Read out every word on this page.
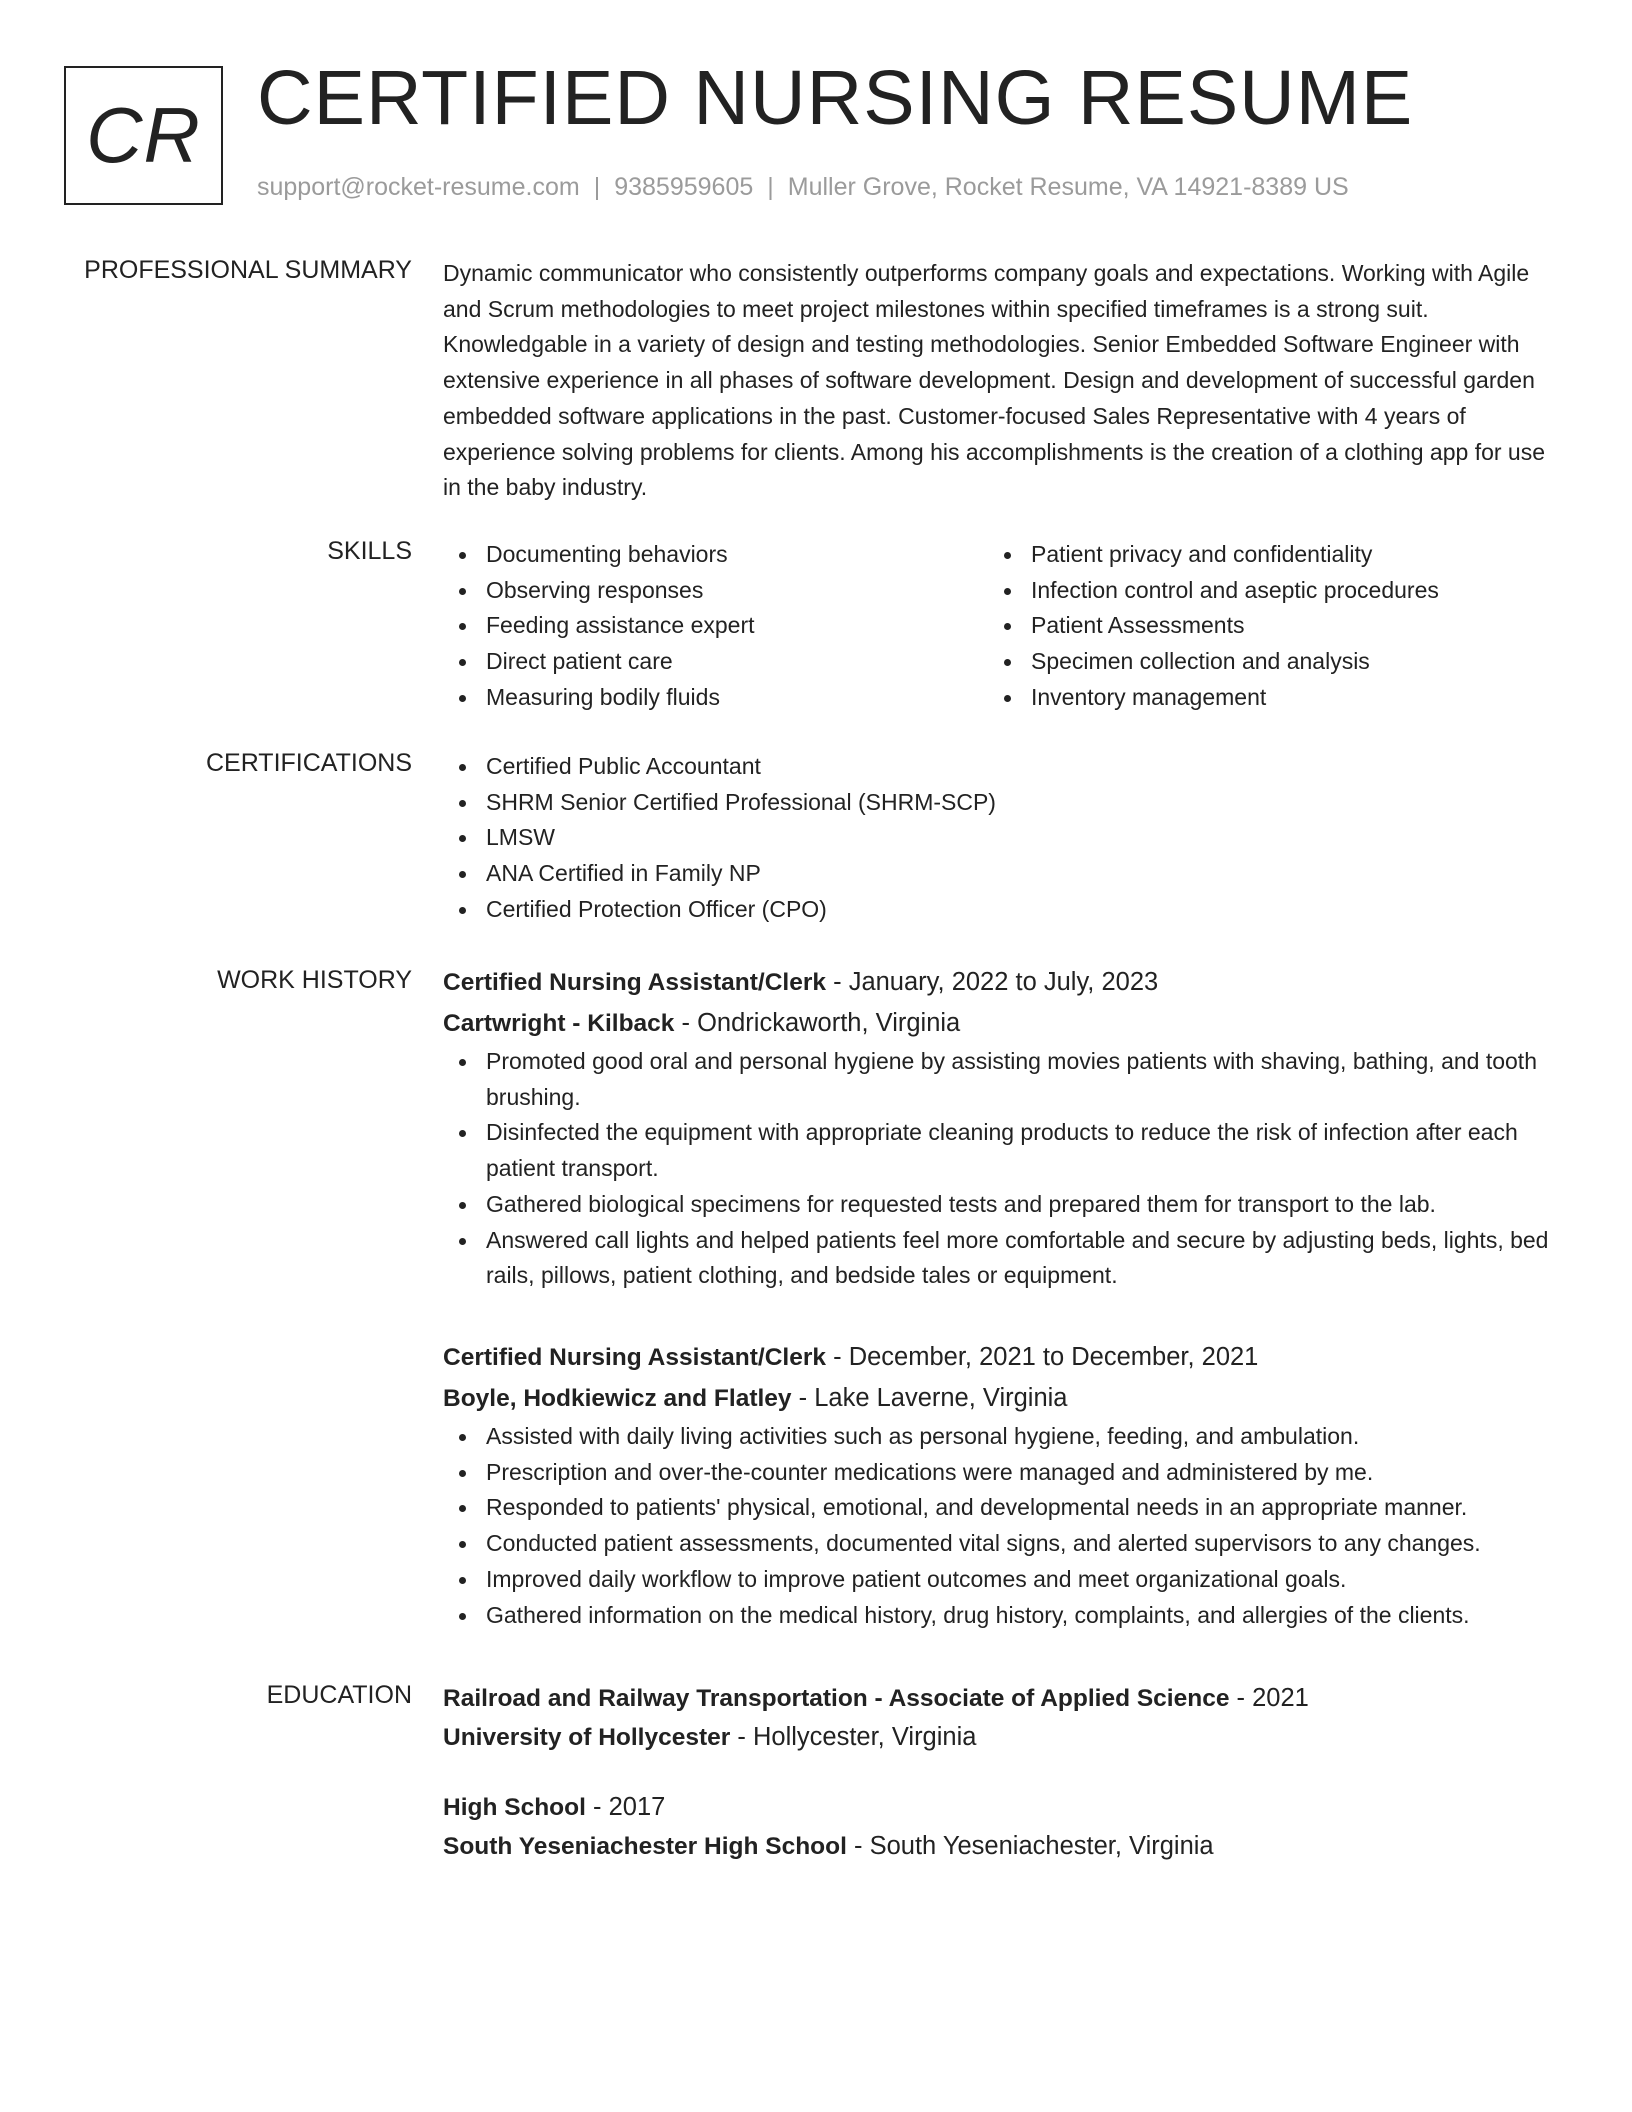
CR CERTIFIED NURSING RESUME
support@rocket-resume.com | 9385959605 | Muller Grove, Rocket Resume, VA 14921-8389 US
PROFESSIONAL SUMMARY Dynamic communicator who consistently outperforms company goals and expectations. Working with Agile and Scrum methodologies to meet project milestones within specified timeframes is a strong suit. Knowledgable in a variety of design and testing methodologies. Senior Embedded Software Engineer with extensive experience in all phases of software development. Design and development of successful garden embedded software applications in the past. Customer-focused Sales Representative with 4 years of experience solving problems for clients. Among his accomplishments is the creation of a clothing app for use in the baby industry.

SKILLS	Documenting behaviors
Observing responses
Feeding assistance expert
Direct patient care
Measuring bodily fluids
Patient privacy and confidentiality
Infection control and aseptic procedures
Patient Assessments
Specimen collection and analysis
Inventory management
CERTIFICATIONS	Certified Public Accountant
SHRM Senior Certified Professional (SHRM-SCP)
LMSW
ANA Certified in Family NP
Certified Protection Officer (CPO)
WORK HISTORY Certified Nursing Assistant/Clerk - January, 2022 to July, 2023
Cartwright - Kilback - Ondrickaworth, Virginia
Promoted good oral and personal hygiene by assisting movies patients with shaving, bathing, and tooth brushing.
Disinfected the equipment with appropriate cleaning products to reduce the risk of infection after each patient transport.
Gathered biological specimens for requested tests and prepared them for transport to the lab.
Answered call lights and helped patients feel more comfortable and secure by adjusting beds, lights, bed rails, pillows, patient clothing, and bedside tales or equipment.
Certified Nursing Assistant/Clerk - December, 2021 to December, 2021
Boyle, Hodkiewicz and Flatley - Lake Laverne, Virginia
Assisted with daily living activities such as personal hygiene, feeding, and ambulation.
Prescription and over-the-counter medications were managed and administered by me.
Responded to patients' physical, emotional, and developmental needs in an appropriate manner.
Conducted patient assessments, documented vital signs, and alerted supervisors to any changes.
Improved daily workflow to improve patient outcomes and meet organizational goals.
Gathered information on the medical history, drug history, complaints, and allergies of the clients.
EDUCATION Railroad and Railway Transportation - Associate of Applied Science - 2021
University of Hollycester - Hollycester, Virginia
High School - 2017
South Yeseniachester High School - South Yeseniachester, Virginia
